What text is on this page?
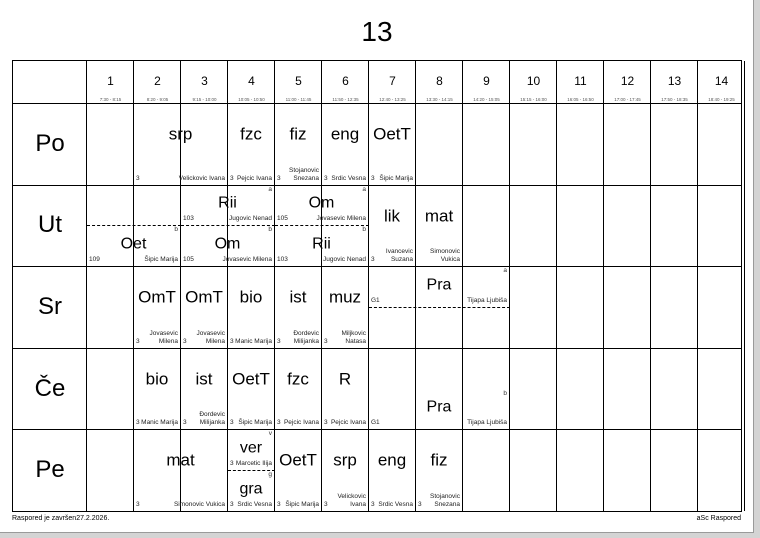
13
1
7:30 - 8:15
2
8:20 - 9:05
3
9:15 - 10:00
4
10:05 - 10:50
5
11:00 - 11:45
6
11:50 - 12:35
7
12:40 - 13:25
8
13:30 - 14:15
9
14:20 - 15:05
10
15:15 - 16:00
11
16:05 - 16:50
12
17:00 - 17:45
13
17:50 - 18:35
14
18:40 - 19:25
Po
Ut
Sr
Če
Pe
srp
Velickovic Ivana
3
fzc
Pejcic Ivana
3
fiz
Stojanovic Snezana
3
eng
Srdic Vesna
3
OetT
Šipic Marija
3
Rii
Jugovic Nenad
103
a
Om
Jovasevic Milena
105
a
Oet
Šipic Marija
109
b
Om
Jovasevic Milena
105
b
Rii
Jugovic Nenad
103
b
lik
Ivancevic Suzana
3
mat
Simonovic Vukica
OmT
Jovasevic Milena
3
OmT
Jovasevic Milena
3
bio
Manic Marija
3
ist
Đordevic Milijanka
3
muz
Miljkovic Natasa
3
Pra
Tijapa Ljubiša
G1
a
bio
Manic Marija
3
ist
Đordevic Milijanka
3
OetT
Šipic Marija
3
fzc
Pejcic Ivana
3
R
Pejcic Ivana
3
Pra
Tijapa Ljubiša
G1
b
mat
Simonovic Vukica
3
ver
Marcetic Ilija
3
v
gra
Srdic Vesna
3
g
OetT
Šipic Marija
3
srp
Velickovic Ivana
3
eng
Srdic Vesna
3
fiz
Stojanovic Snezana
3
Raspored je završen27.2.2026.	aSc Raspored
